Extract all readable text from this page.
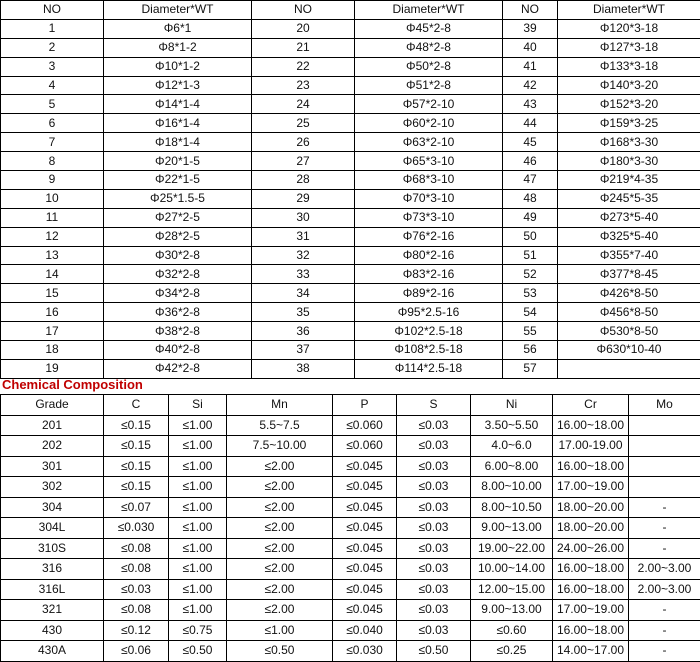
NO	Diameter*WT	NO	Diameter*WT	NO	Diameter*WT
1	Φ6*1	20	Φ45*2-8	39	Φ120*3-18
2	Φ8*1-2	21	Φ48*2-8	40	Φ127*3-18
3	Φ10*1-2	22	Φ50*2-8	41	Φ133*3-18
4	Φ12*1-3	23	Φ51*2-8	42	Φ140*3-20
5	Φ14*1-4	24	Φ57*2-10	43	Φ152*3-20
6	Φ16*1-4	25	Φ60*2-10	44	Φ159*3-25
7	Φ18*1-4	26	Φ63*2-10	45	Φ168*3-30
8	Φ20*1-5	27	Φ65*3-10	46	Φ180*3-30
9	Φ22*1-5	28	Φ68*3-10	47	Φ219*4-35
10	Φ25*1.5-5	29	Φ70*3-10	48	Φ245*5-35
11	Φ27*2-5	30	Φ73*3-10	49	Φ273*5-40
12	Φ28*2-5	31	Φ76*2-16	50	Φ325*5-40
13	Φ30*2-8	32	Φ80*2-16	51	Φ355*7-40
14	Φ32*2-8	33	Φ83*2-16	52	Φ377*8-45
15	Φ34*2-8	34	Φ89*2-16	53	Φ426*8-50
16	Φ36*2-8	35	Φ95*2.5-16	54	Φ456*8-50
17	Φ38*2-8	36	Φ102*2.5-18	55	Φ530*8-50
18	Φ40*2-8	37	Φ108*2.5-18	56	Φ630*10-40
19	Φ42*2-8	38	Φ114*2.5-18	57	
Chemical Composition
Grade	C	Si	Mn	P	S	Ni	Cr	Mo
201	≤0.15	≤1.00	5.5~7.5	≤0.060	≤0.03	3.50~5.50	16.00~18.00	
202	≤0.15	≤1.00	7.5~10.00	≤0.060	≤0.03	4.0~6.0	17.00-19.00	
301	≤0.15	≤1.00	≤2.00	≤0.045	≤0.03	6.00~8.00	16.00~18.00	
302	≤0.15	≤1.00	≤2.00	≤0.045	≤0.03	8.00~10.00	17.00~19.00	
304	≤0.07	≤1.00	≤2.00	≤0.045	≤0.03	8.00~10.50	18.00~20.00	-
304L	≤0.030	≤1.00	≤2.00	≤0.045	≤0.03	9.00~13.00	18.00~20.00	-
310S	≤0.08	≤1.00	≤2.00	≤0.045	≤0.03	19.00~22.00	24.00~26.00	-
316	≤0.08	≤1.00	≤2.00	≤0.045	≤0.03	10.00~14.00	16.00~18.00	2.00~3.00
316L	≤0.03	≤1.00	≤2.00	≤0.045	≤0.03	12.00~15.00	16.00~18.00	2.00~3.00
321	≤0.08	≤1.00	≤2.00	≤0.045	≤0.03	9.00~13.00	17.00~19.00	-
430	≤0.12	≤0.75	≤1.00	≤0.040	≤0.03	≤0.60	16.00~18.00	-
430A	≤0.06	≤0.50	≤0.50	≤0.030	≤0.50	≤0.25	14.00~17.00	-
